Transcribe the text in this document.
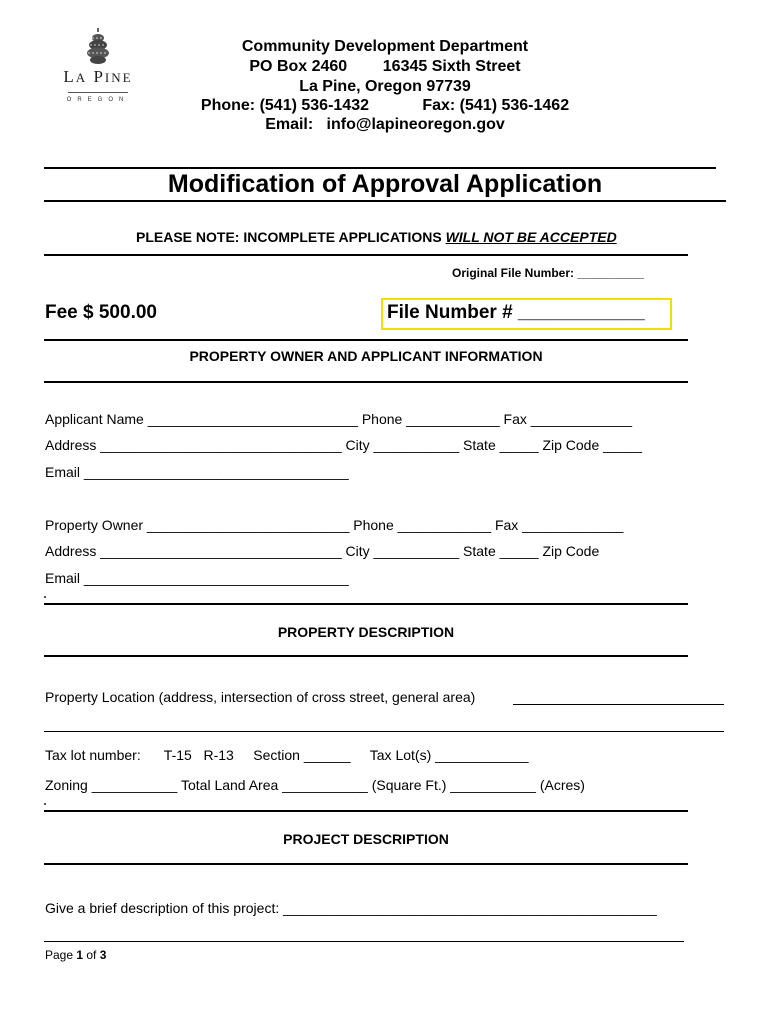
LA PINE
OREGON
Community Development Department
PO Box 2460        16345 Sixth Street
La Pine, Oregon 97739
Phone: (541) 536-1432            Fax: (541) 536-1462
Email:   info@lapineoregon.gov
Modification of Approval Application
PLEASE NOTE: INCOMPLETE APPLICATIONS WILL NOT BE ACCEPTED
Original File Number: __________
Fee $ 500.00	File Number # ____________
PROPERTY OWNER AND APPLICANT INFORMATION
Applicant Name ___________________________ Phone ____________ Fax _____________
Address _______________________________ City ___________ State _____ Zip Code _____
Email __________________________________
Property Owner __________________________ Phone ____________ Fax _____________
Address _______________________________ City ___________ State _____ Zip Code
Email __________________________________
PROPERTY DESCRIPTION
Property Location (address, intersection of cross street, general area)
Tax lot number:      T-15   R-13     Section ______     Tax Lot(s) ____________
Zoning ___________ Total Land Area ___________ (Square Ft.) ___________ (Acres)
PROJECT DESCRIPTION
Give a brief description of this project: ________________________________________________
Page 1 of 3
